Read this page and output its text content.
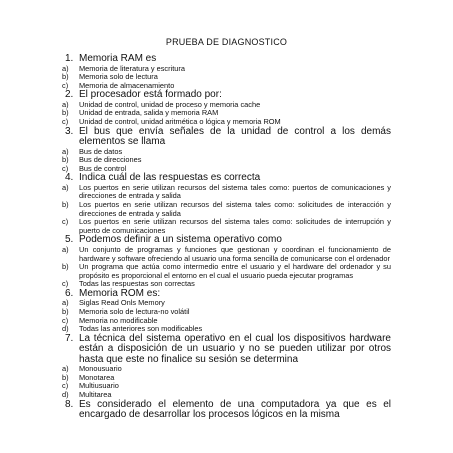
PRUEBA DE DIAGNOSTICO
1. Memoria RAM es
a)	Memoria de literatura y escritura
b)	Memoria solo de lectura
c)	Memoria de almacenamiento
2. El procesador está formado por:
a)	Unidad de control, unidad de proceso y memoria cache
b)	Unidad de entrada, salida y memoria RAM
c)	Unidad de control, unidad aritmética o lógica y memoria ROM
3. El bus que envía señales de la unidad de control a los demás elementos se llama
a)	Bus de datos
b)	Bus de direcciones
c)	Bus de control
4. Indica cuál de las respuestas es correcta
a)	Los puertos en serie utilizan recursos del sistema tales como: puertos de comunicaciones y direcciones de entrada y salida
b)	Los puertos en serie utilizan recursos del sistema tales como: solicitudes de interacción y direcciones de entrada y salida
c)	Los puertos en serie utilizan recursos del sistema tales como: solicitudes de interrupción y puerto de comunicaciones
5. Podemos definir a un sistema operativo como
a)	Un conjunto de programas y funciones que gestionan y coordinan el funcionamiento de hardware y software ofreciendo al usuario una forma sencilla de comunicarse con el ordenador
b)	Un programa que actúa como intermedio entre el usuario y el hardware del ordenador y su propósito es proporcional el entorno en el cual el usuario pueda ejecutar programas
c)	Todas las respuestas son correctas
6. Memoria ROM es:
a)	Siglas Read Onls Memory
b)	Memoria solo de lectura-no volátil
c)	Memoria no modificable
d)	Todas las anteriores son modificables
7. La técnica del sistema operativo en el cual los dispositivos hardware están a disposición de un usuario y no se pueden utilizar por otros hasta que este no finalice su sesión se determina
a)	Monousuario
b)	Monotarea
c)	Multiusuario
d)	Multitarea
8. Es considerado el elemento de una computadora ya que es el encargado de desarrollar los procesos lógicos en la misma
